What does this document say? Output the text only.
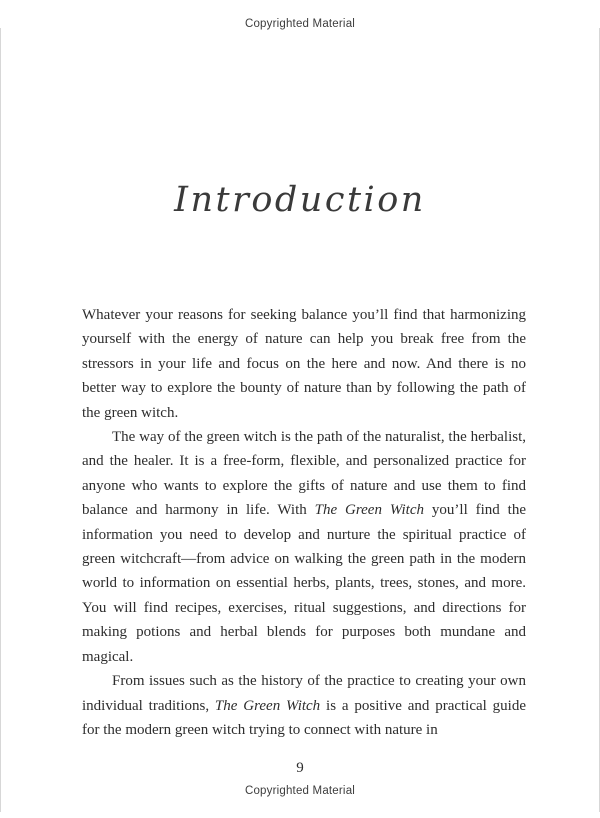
Copyrighted Material
Introduction

Whatever your reasons for seeking balance you’ll find that harmonizing yourself with the energy of nature can help you break free from the stressors in your life and focus on the here and now. And there is no better way to explore the bounty of nature than by following the path of the green witch.

The way of the green witch is the path of the naturalist, the herbalist, and the healer. It is a free-form, flexible, and personalized practice for anyone who wants to explore the gifts of nature and use them to find balance and harmony in life. With The Green Witch you’ll find the information you need to develop and nurture the spiritual practice of green witchcraft—from advice on walking the green path in the modern world to information on essential herbs, plants, trees, stones, and more. You will find recipes, exercises, ritual suggestions, and directions for making potions and herbal blends for purposes both mundane and magical.

From issues such as the history of the practice to creating your own individual traditions, The Green Witch is a positive and practical guide for the modern green witch trying to connect with nature in

9
Copyrighted Material
